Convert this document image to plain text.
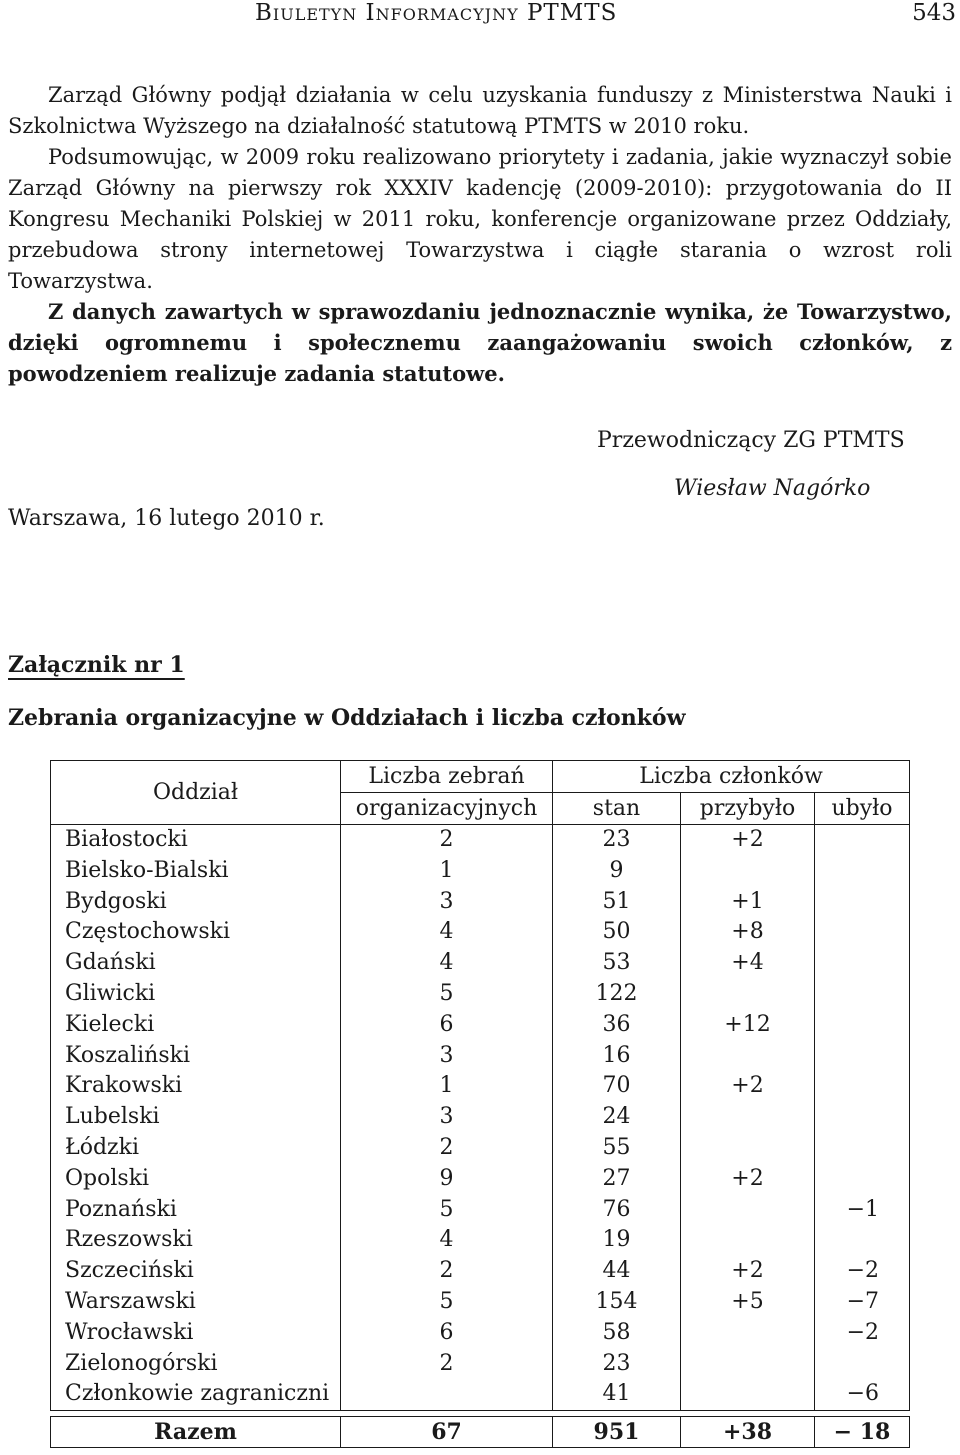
Biuletyn Informacyjny PTMTS	543

Zarząd Główny podjął działania w celu uzyskania funduszy z Ministerstwa Nauki i Szkolnictwa Wyższego na działalność statutową PTMTS w 2010 roku.

Podsumowując, w 2009 roku realizowano priorytety i zadania, jakie wyznaczył sobie Zarząd Główny na pierwszy rok XXXIV kadencję (2009-2010): przygotowania do II Kongresu Mechaniki Polskiej w 2011 roku, konferencje organizowane przez Oddziały, przebudowa strony internetowej Towarzystwa i ciągłe starania o wzrost roli Towarzystwa.

Z danych zawartych w sprawozdaniu jednoznacznie wynika, że Towarzystwo, dzięki ogromnemu i społecznemu zaangażowaniu swoich członków, z powodzeniem realizuje zadania statutowe.

Przewodniczący ZG PTMTS
Wiesław Nagórko
Warszawa, 16 lutego 2010 r.
Załącznik nr 1
Zebrania organizacyjne w Oddziałach i liczba członków
Oddział	Liczba zebrań	Liczba członków		
	organizacyjnych	stan	przybyło	ubyło
Białostocki	2	23	+2	
Bielsko-Bialski	1	9		
Bydgoski	3	51	+1	
Częstochowski	4	50	+8	
Gdański	4	53	+4	
Gliwicki	5	122		
Kielecki	6	36	+12	
Koszaliński	3	16		
Krakowski	1	70	+2	
Lubelski	3	24		
Łódzki	2	55		
Opolski	9	27	+2	
Poznański	5	76		−1
Rzeszowski	4	19		
Szczeciński	2	44	+2	−2
Warszawski	5	154	+5	−7
Wrocławski	6	58		−2
Zielonogórski	2	23		
Członkowie zagraniczni		41		−6

Razem	67	951	+38	− 18
